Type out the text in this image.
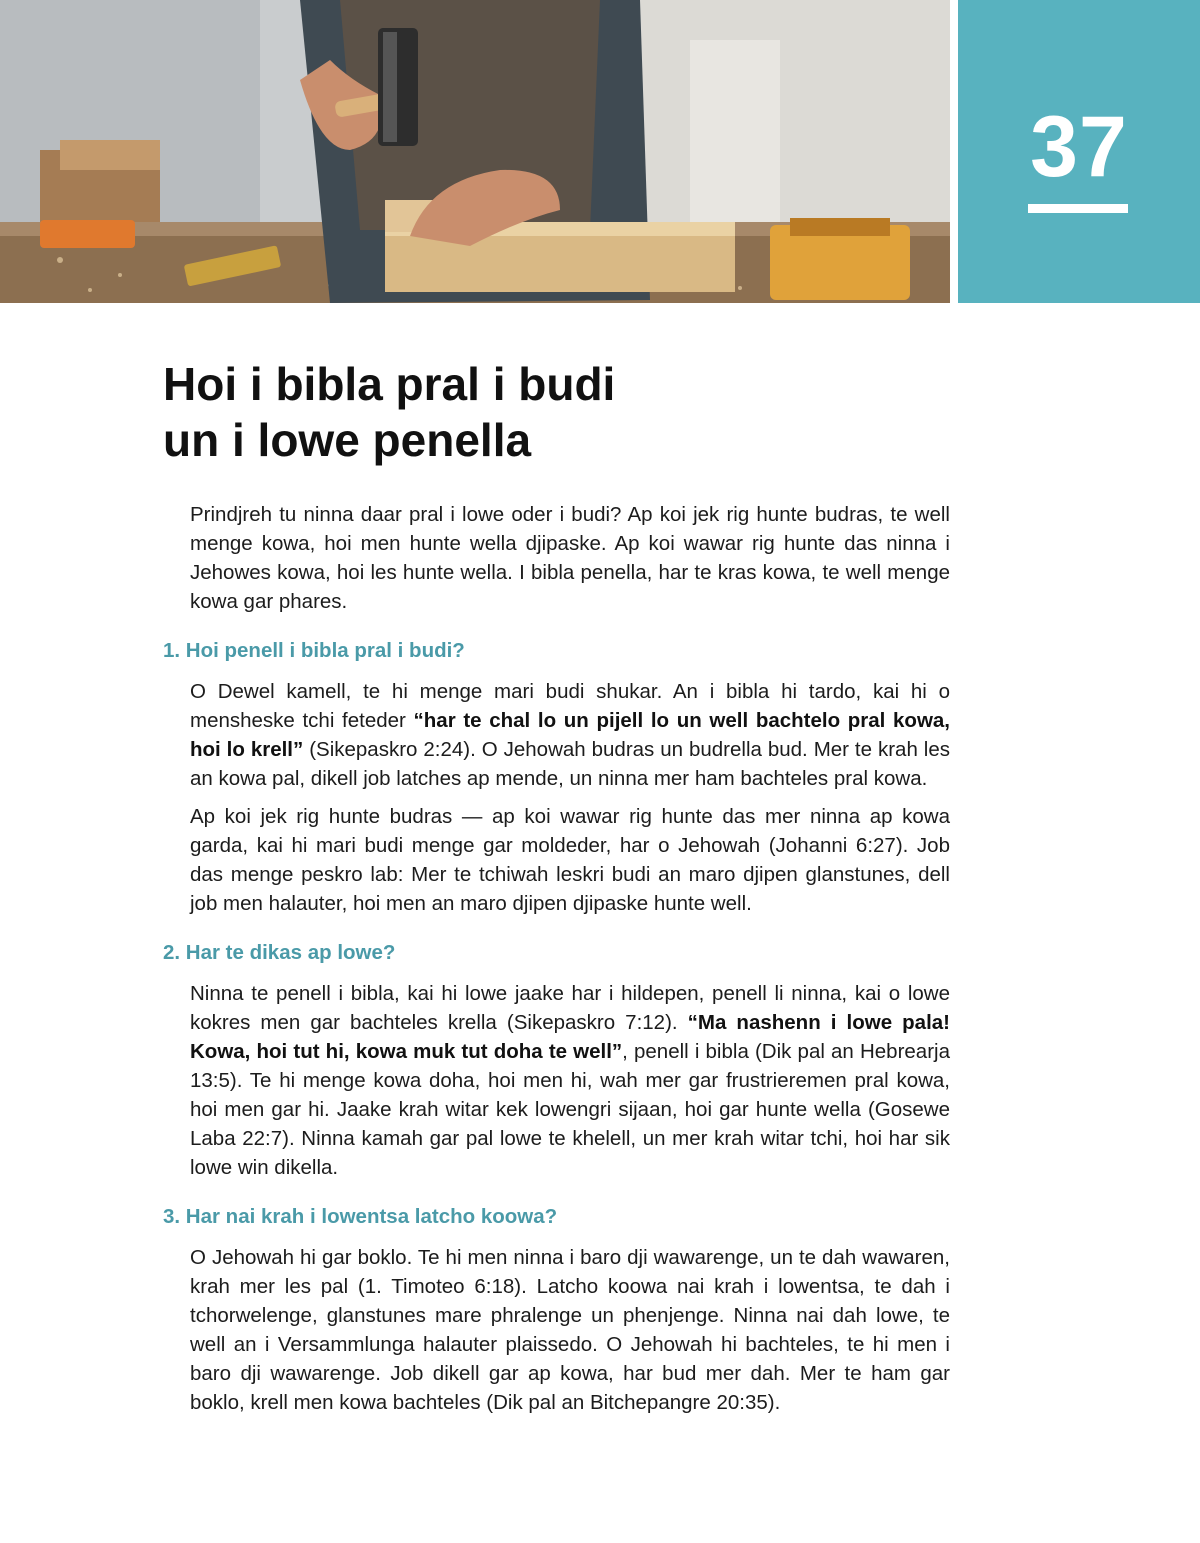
37
Hoi i bibla pral i budi
un i lowe penella

Prindjreh tu ninna daar pral i lowe oder i budi? Ap koi jek rig hunte budras, te well menge kowa, hoi men hunte wella djipaske. Ap koi wawar rig hunte das ninna i Jehowes kowa, hoi les hunte wella. I bibla penella, har te kras kowa, te well menge kowa gar phares.

1. Hoi penell i bibla pral i budi?

O Dewel kamell, te hi menge mari budi shukar. An i bibla hi tardo, kai hi o mensheske tchi feteder “har te chal lo un pijell lo un well bachtelo pral kowa, hoi lo krell” (Sikepaskro 2:24). O Jehowah budras un budrella bud. Mer te krah les an kowa pal, dikell job latches ap mende, un ninna mer ham bachteles pral kowa.

Ap koi jek rig hunte budras — ap koi wawar rig hunte das mer ninna ap kowa garda, kai hi mari budi menge gar moldeder, har o Jehowah (Johanni 6:27). Job das menge peskro lab: Mer te tchiwah leskri budi an maro djipen glanstunes, dell job men halauter, hoi men an maro djipen djipaske hunte well.

2. Har te dikas ap lowe?

Ninna te penell i bibla, kai hi lowe jaake har i hildepen, penell li ninna, kai o lowe kokres men gar bachteles krella (Sikepaskro 7:12). “Ma nashenn i lowe pala! Kowa, hoi tut hi, kowa muk tut doha te well”, penell i bibla (Dik pal an Hebrearja 13:5). Te hi menge kowa doha, hoi men hi, wah mer gar frustrieremen pral kowa, hoi men gar hi. Jaake krah witar kek lowengri sijaan, hoi gar hunte wella (Gosewe Laba 22:7). Ninna kamah gar pal lowe te khelell, un mer krah witar tchi, hoi har sik lowe win dikella.

3. Har nai krah i lowentsa latcho koowa?

O Jehowah hi gar boklo. Te hi men ninna i baro dji wawarenge, un te dah wawaren, krah mer les pal (1. Timoteo 6:18). Latcho koowa nai krah i lowentsa, te dah i tchorwelenge, glanstunes mare phralenge un phenjenge. Ninna nai dah lowe, te well an i Versammlunga halauter plaissedo. O Jehowah hi bachteles, te hi men i baro dji wawarenge. Job dikell gar ap kowa, har bud mer dah. Mer te ham gar boklo, krell men kowa bachteles (Dik pal an Bitchepangre 20:35).
